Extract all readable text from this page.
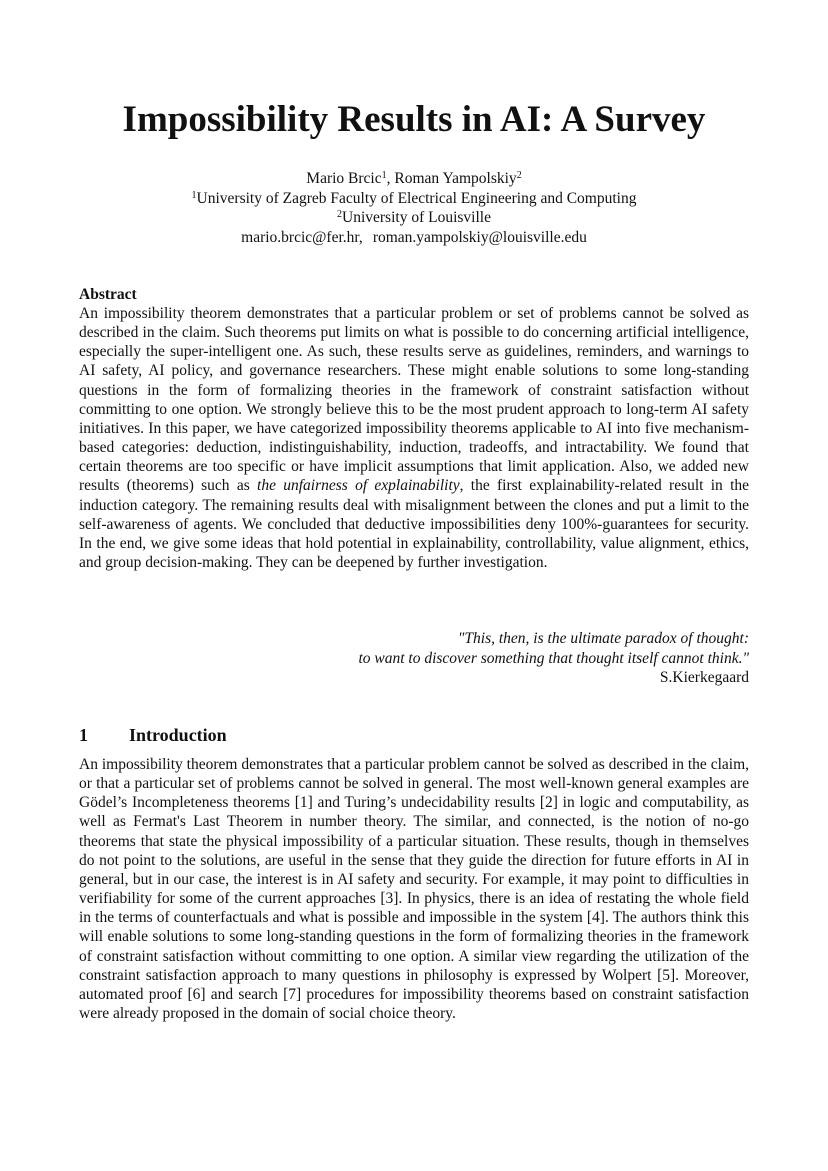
Impossibility Results in AI: A Survey
Mario Brcic$^1$, Roman Yampolskiy$^2$
$^1$University of Zagreb Faculty of Electrical Engineering and Computing
$^2$University of Louisville
mario.brcic@fer.hr, roman.yampolskiy@louisville.edu
Abstract

An impossibility theorem demonstrates that a particular problem or set of problems cannot be solved as described in the claim. Such theorems put limits on what is possible to do concerning artificial intelligence, especially the super-intelligent one. As such, these results serve as guidelines, reminders, and warnings to AI safety, AI policy, and governance researchers. These might enable solutions to some long-standing questions in the form of formalizing theories in the framework of constraint satisfaction without committing to one option. We strongly believe this to be the most prudent approach to long-term AI safety initiatives. In this paper, we have categorized impossibility theorems applicable to AI into five mechanism-based categories: deduction, indistinguishability, induction, tradeoffs, and intractability. We found that certain theorems are too specific or have implicit assumptions that limit application. Also, we added new results (theorems) such as the unfairness of explainability, the first explainability-related result in the induction category. The remaining results deal with misalignment between the clones and put a limit to the self-awareness of agents. We concluded that deductive impossibilities deny 100%-guarantees for security. In the end, we give some ideas that hold potential in explainability, controllability, value alignment, ethics, and group decision-making. They can be deepened by further investigation.

"This, then, is the ultimate paradox of thought:
to want to discover something that thought itself cannot think."
S.Kierkegaard
1 Introduction

An impossibility theorem demonstrates that a particular problem cannot be solved as described in the claim, or that a particular set of problems cannot be solved in general. The most well-known general examples are Gödel’s Incompleteness theorems [1] and Turing’s undecidability results [2] in logic and computability, as well as Fermat's Last Theorem in number theory. The similar, and connected, is the notion of no-go theorems that state the physical impossibility of a particular situation. These results, though in themselves do not point to the solutions, are useful in the sense that they guide the direction for future efforts in AI in general, but in our case, the interest is in AI safety and security. For example, it may point to difficulties in verifiability for some of the current approaches [3]. In physics, there is an idea of restating the whole field in the terms of counterfactuals and what is possible and impossible in the system [4]. The authors think this will enable solutions to some long-standing questions in the form of formalizing theories in the framework of constraint satisfaction without committing to one option. A similar view regarding the utilization of the constraint satisfaction approach to many questions in philosophy is expressed by Wolpert [5]. Moreover, automated proof [6] and search [7] procedures for impossibility theorems based on constraint satisfaction were already proposed in the domain of social choice theory.
